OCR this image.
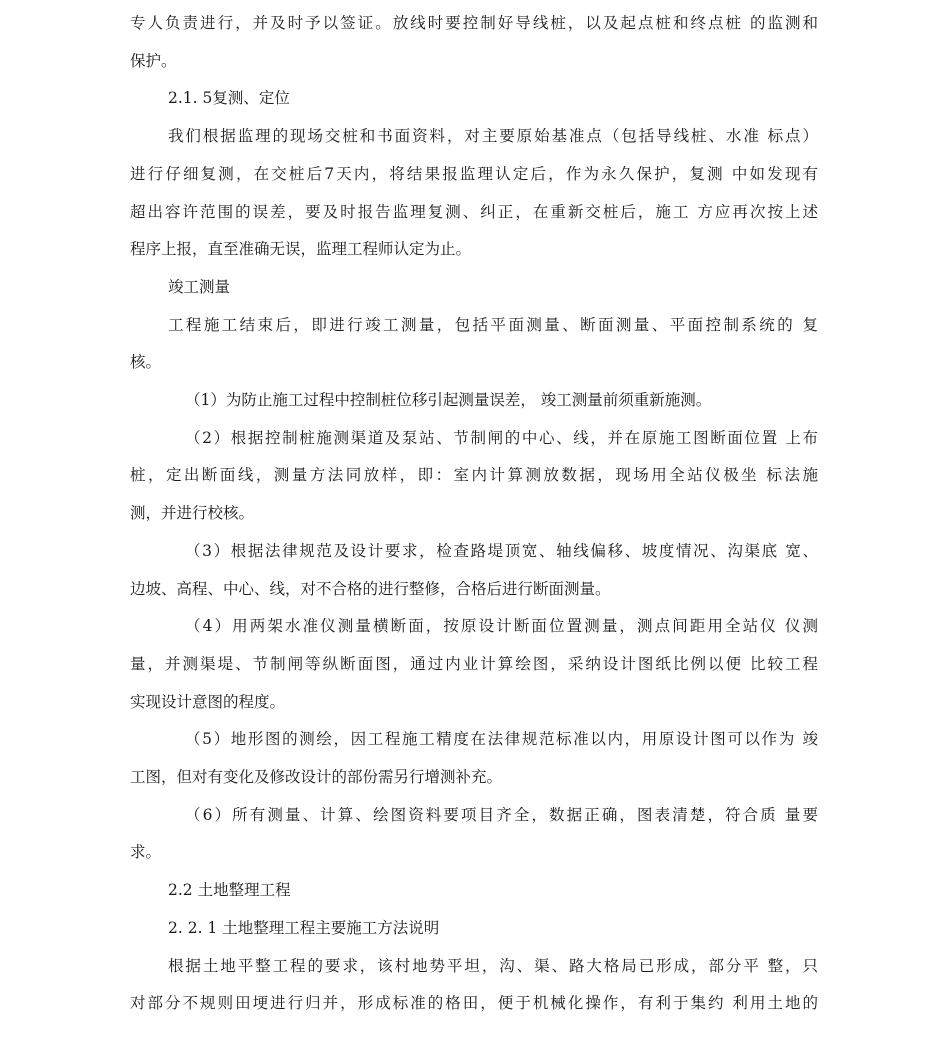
专人负责进行，并及时予以签证。放线时要控制好导线桩，以及起点桩和终点桩 的监测和
保护。
2.1. 5复测、定位
我们根据监理的现场交桩和书面资料，对主要原始基准点（包括导线桩、水准 标点）
进行仔细复测，在交桩后7天内，将结果报监理认定后，作为永久保护，复测 中如发现有
超出容许范围的误差，要及时报告监理复测、纠正，在重新交桩后，施工 方应再次按上述
程序上报，直至准确无误，监理工程师认定为止。
竣工测量
工程施工结束后，即进行竣工测量，包括平面测量、断面测量、平面控制系统的 复
核。
（1）为防止施工过程中控制桩位移引起测量误差， 竣工测量前须重新施测。
（2）根据控制桩施测渠道及泵站、节制闸的中心、线，并在原施工图断面位置 上布
桩，定出断面线，测量方法同放样，即：室内计算测放数据，现场用全站仪极坐 标法施
测，并进行校核。
（3）根据法律规范及设计要求，检查路堤顶宽、轴线偏移、坡度情况、沟渠底 宽、
边坡、高程、中心、线，对不合格的进行整修，合格后进行断面测量。
（4）用两架水准仪测量横断面，按原设计断面位置测量，测点间距用全站仪 仪测
量，并测渠堤、节制闸等纵断面图，通过内业计算绘图，采纳设计图纸比例以便 比较工程
实现设计意图的程度。
（5）地形图的测绘，因工程施工精度在法律规范标准以内，用原设计图可以作为 竣
工图，但对有变化及修改设计的部份需另行增测补充。
（6）所有测量、计算、绘图资料要项目齐全，数据正确，图表清楚，符合质 量要
求。
2.2 土地整理工程
2. 2. 1 土地整理工程主要施工方法说明
根据土地平整工程的要求，该村地势平坦，沟、渠、路大格局已形成，部分平 整，只
对部分不规则田埂进行归并，形成标准的格田，便于机械化操作，有利于集约 利用土地的
